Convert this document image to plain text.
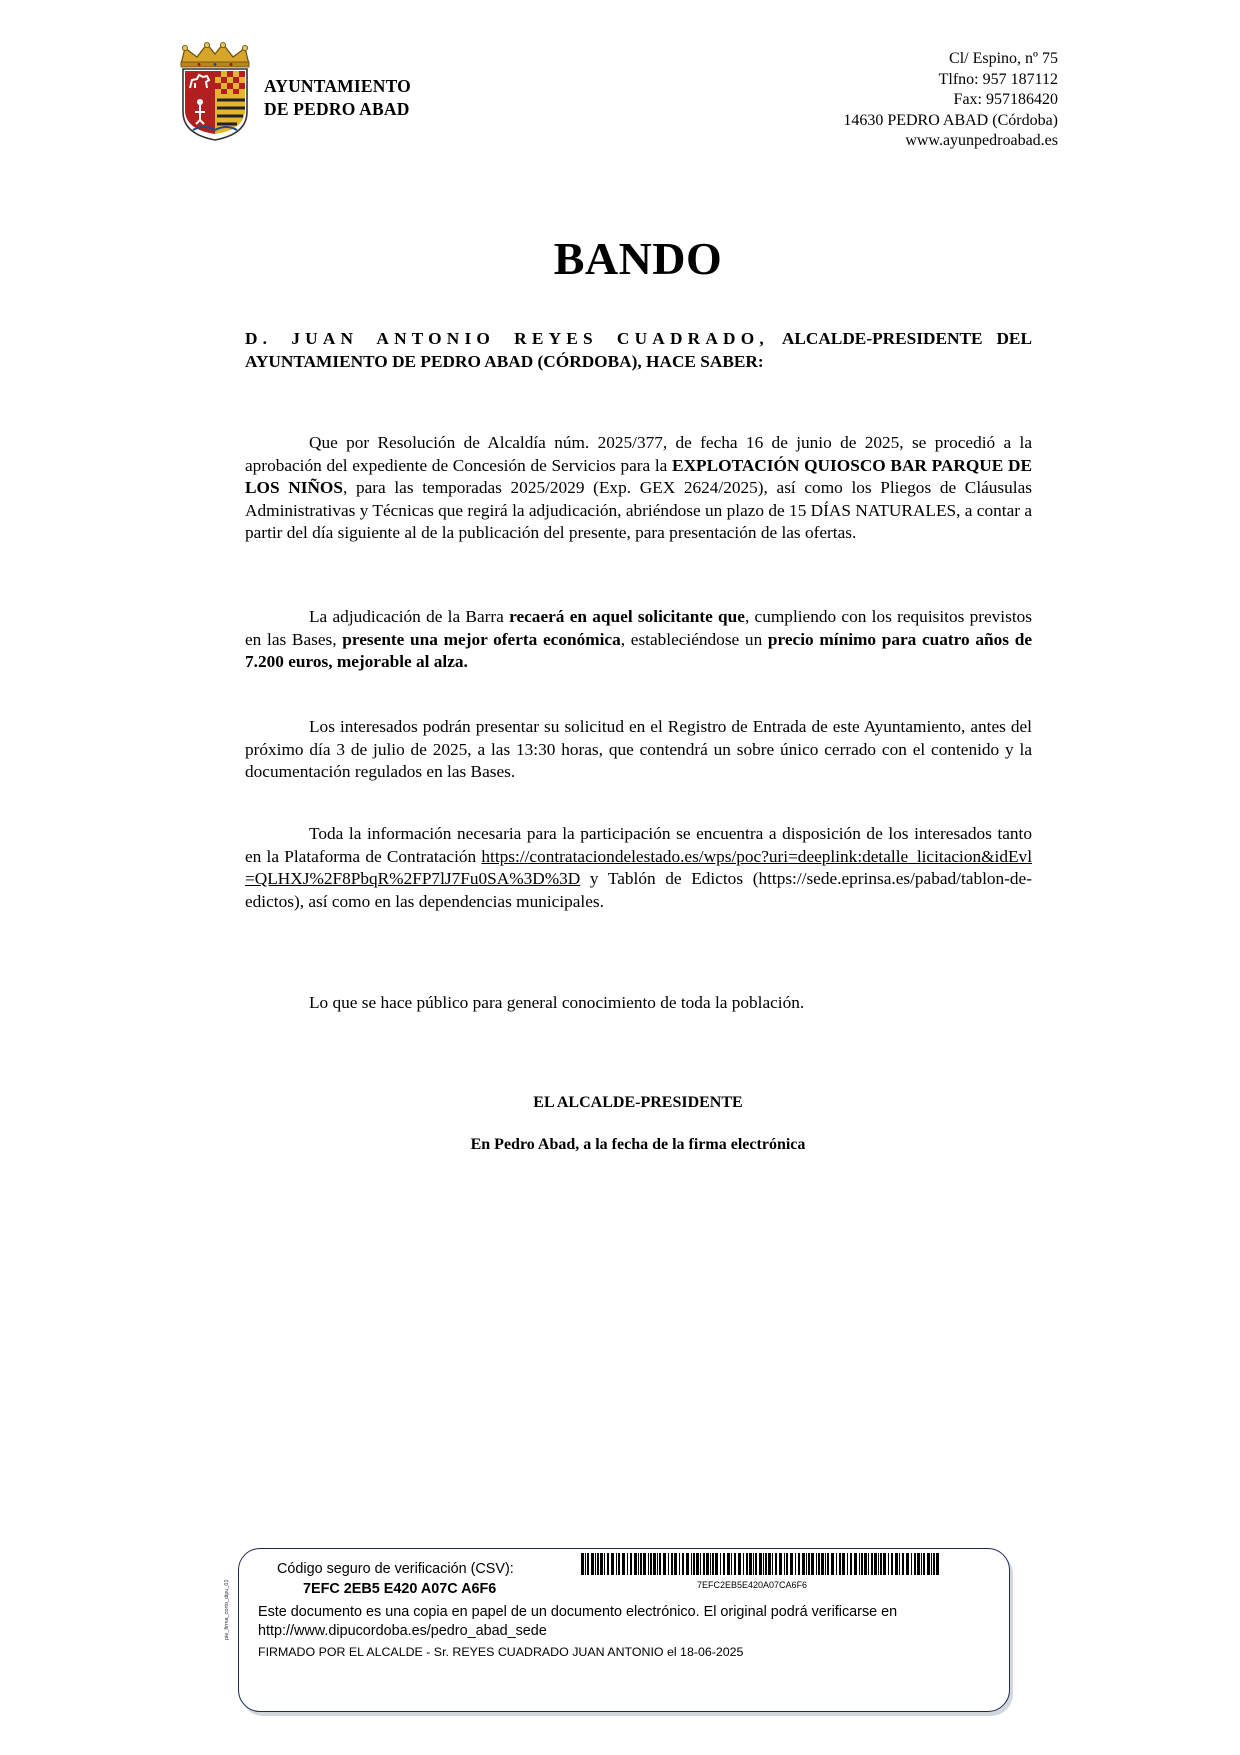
AYUNTAMIENTO
DE PEDRO ABAD
Cl/ Espino, nº 75
Tlfno: 957 187112
Fax: 957186420
14630 PEDRO ABAD (Córdoba)
www.ayunpedroabad.es
BANDO
D. JUAN ANTONIO REYES CUADRADO, ALCALDE-PRESIDENTE DEL AYUNTAMIENTO DE PEDRO ABAD (CÓRDOBA), HACE SABER:
Que por Resolución de Alcaldía núm. 2025/377, de fecha 16 de junio de 2025, se procedió a la aprobación del expediente de Concesión de Servicios para la EXPLOTACIÓN QUIOSCO BAR PARQUE DE LOS NIÑOS, para las temporadas 2025/2029 (Exp. GEX 2624/2025), así como los Pliegos de Cláusulas Administrativas y Técnicas que regirá la adjudicación, abriéndose un plazo de 15 DÍAS NATURALES, a contar a partir del día siguiente al de la publicación del presente, para presentación de las ofertas.
La adjudicación de la Barra recaerá en aquel solicitante que, cumpliendo con los requisitos previstos en las Bases, presente una mejor oferta económica, estableciéndose un precio mínimo para cuatro años de 7.200 euros, mejorable al alza.
Los interesados podrán presentar su solicitud en el Registro de Entrada de este Ayuntamiento, antes del próximo día 3 de julio de 2025, a las 13:30 horas, que contendrá un sobre único cerrado con el contenido y la documentación regulados en las Bases.
Toda la información necesaria para la participación se encuentra a disposición de los interesados tanto en la Plataforma de Contratación https://contrataciondelestado.es/wps/poc?uri=deeplink:detalle_licitacion&idEvl=QLHXJ%2F8PbqR%2FP7lJ7Fu0SA%3D%3D y Tablón de Edictos (https://sede.eprinsa.es/pabad/tablon-de-edictos), así como en las dependencias municipales.
Lo que se hace público para general conocimiento de toda la población.
EL ALCALDE-PRESIDENTE
En Pedro Abad, a la fecha de la firma electrónica
pie_firma_corto_dipu_01
Código seguro de verificación (CSV):
7EFC 2EB5 E420 A07C A6F6	7EFC2EB5E420A07CA6F6
Este documento es una copia en papel de un documento electrónico. El original podrá verificarse en
http://www.dipucordoba.es/pedro_abad_sede
FIRMADO POR EL ALCALDE - Sr. REYES CUADRADO JUAN ANTONIO el 18-06-2025
